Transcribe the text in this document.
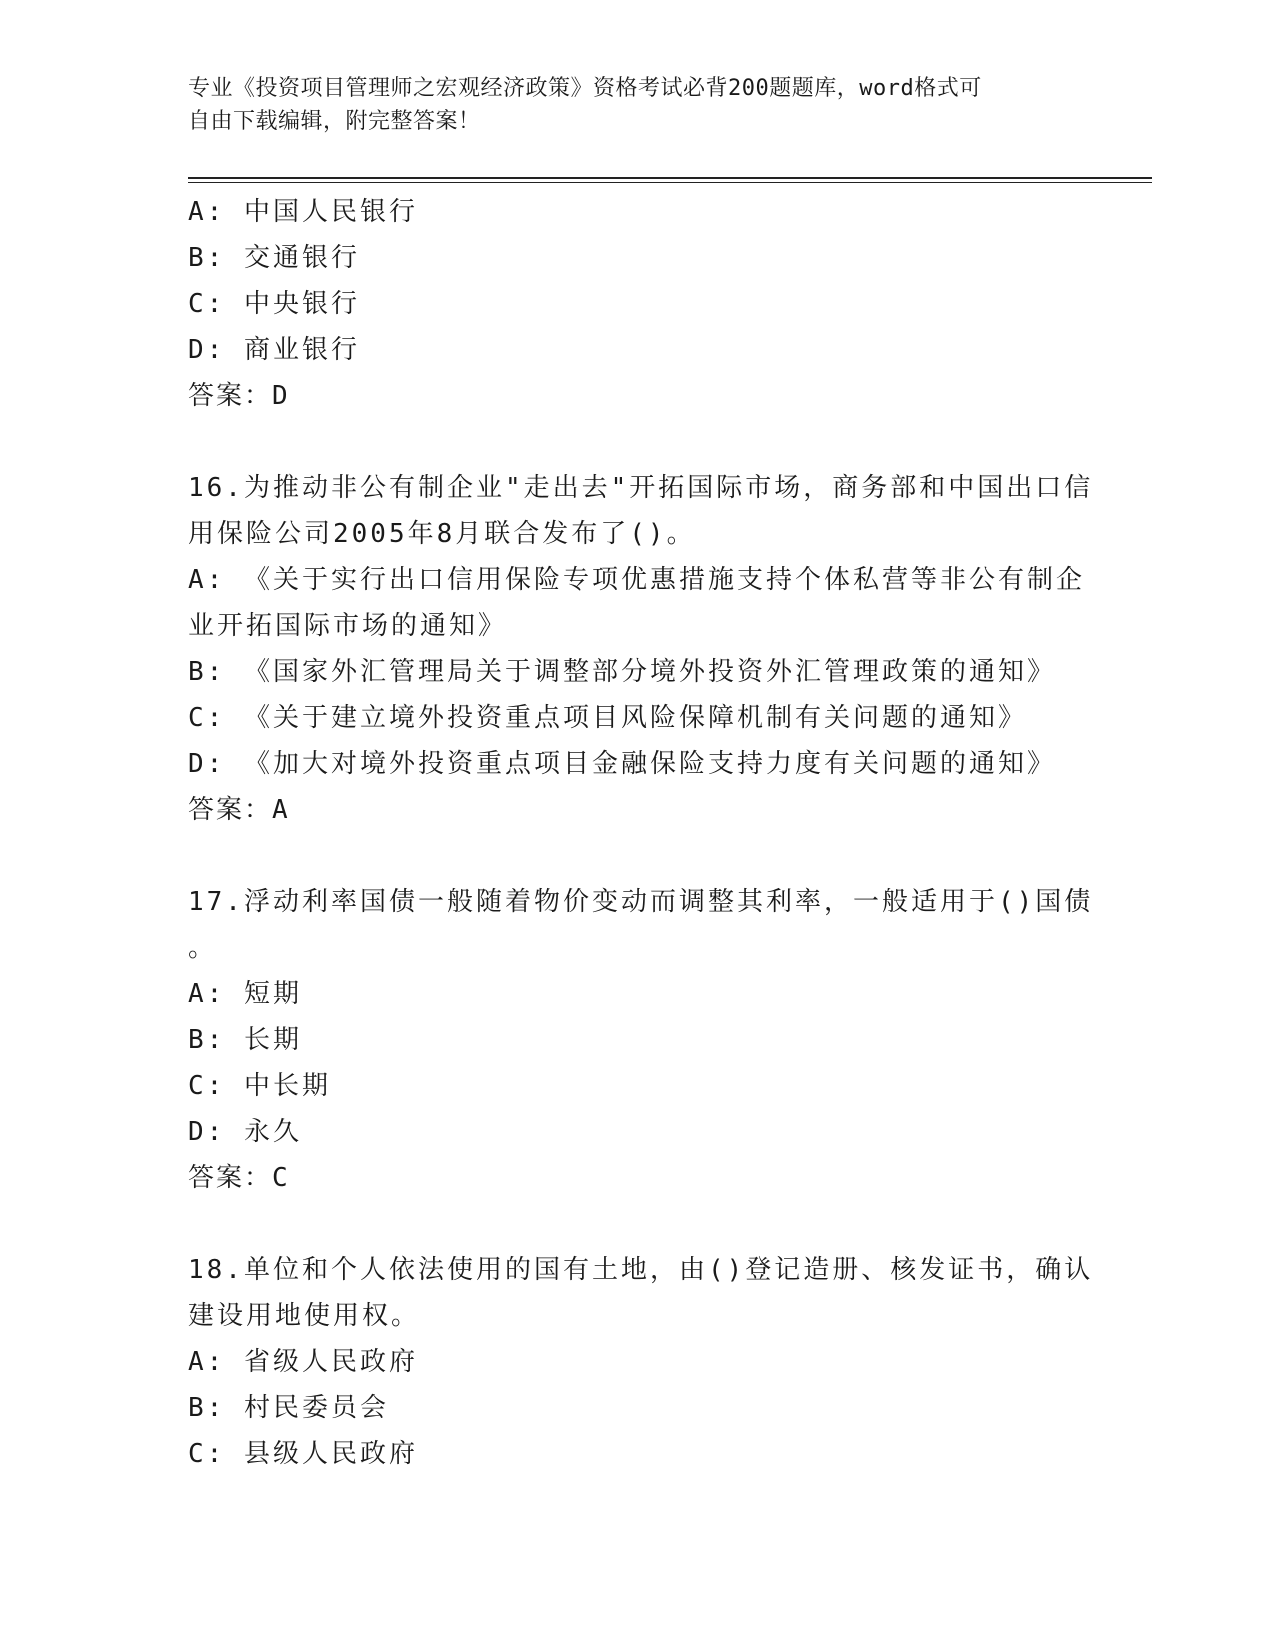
专业《投资项目管理师之宏观经济政策》资格考试必背200题题库，word格式可
自由下载编辑，附完整答案！
A: 中国人民银行
B: 交通银行
C: 中央银行
D: 商业银行
答案：D
16.为推动非公有制企业"走出去"开拓国际市场，商务部和中国出口信
用保险公司2005年8月联合发布了()。
A: 《关于实行出口信用保险专项优惠措施支持个体私营等非公有制企
业开拓国际市场的通知》
B: 《国家外汇管理局关于调整部分境外投资外汇管理政策的通知》
C: 《关于建立境外投资重点项目风险保障机制有关问题的通知》
D: 《加大对境外投资重点项目金融保险支持力度有关问题的通知》
答案：A
17.浮动利率国债一般随着物价变动而调整其利率，一般适用于()国债
。
A: 短期
B: 长期
C: 中长期
D: 永久
答案：C
18.单位和个人依法使用的国有土地，由()登记造册、核发证书，确认
建设用地使用权。
A: 省级人民政府
B: 村民委员会
C: 县级人民政府
